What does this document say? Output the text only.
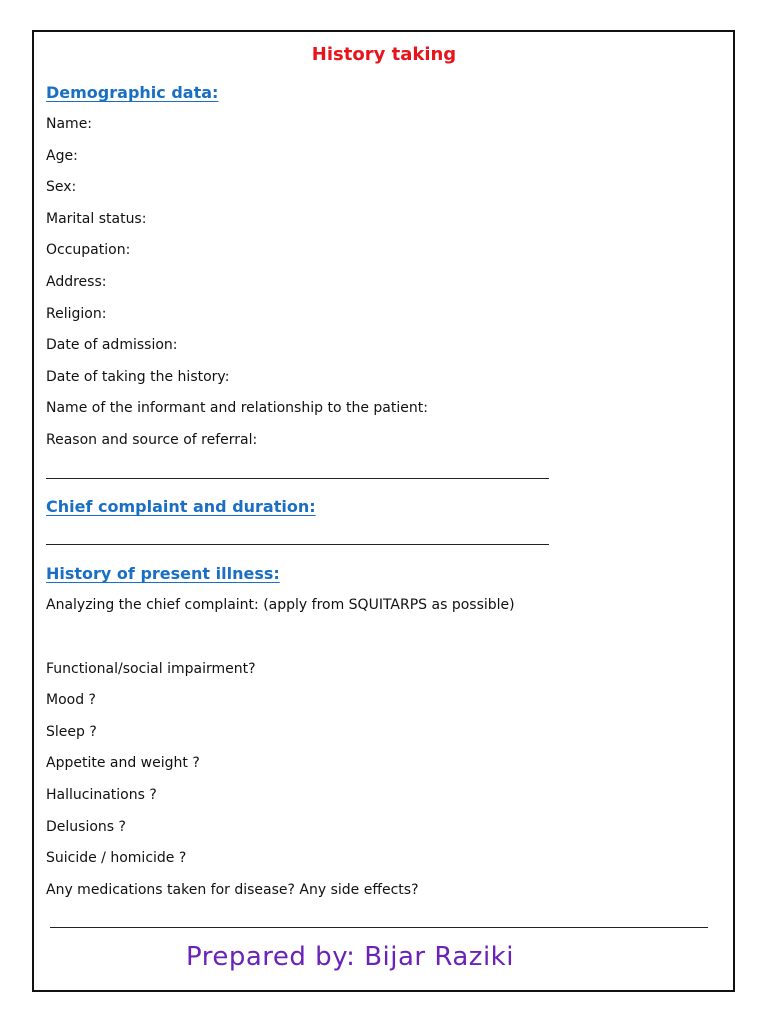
History taking
Demographic data:
Name:
Age:
Sex:
Marital status:
Occupation:
Address:
Religion:
Date of admission:
Date of taking the history:
Name of the informant and relationship to the patient:
Reason and source of referral:
Chief complaint and duration:
History of present illness:
Analyzing the chief complaint: (apply from SQUITARPS as possible)
Functional/social impairment?
Mood ?
Sleep ?
Appetite and weight ?
Hallucinations ?
Delusions ?
Suicide / homicide ?
Any medications taken for disease? Any side effects?
Prepared by: Bijar Raziki
